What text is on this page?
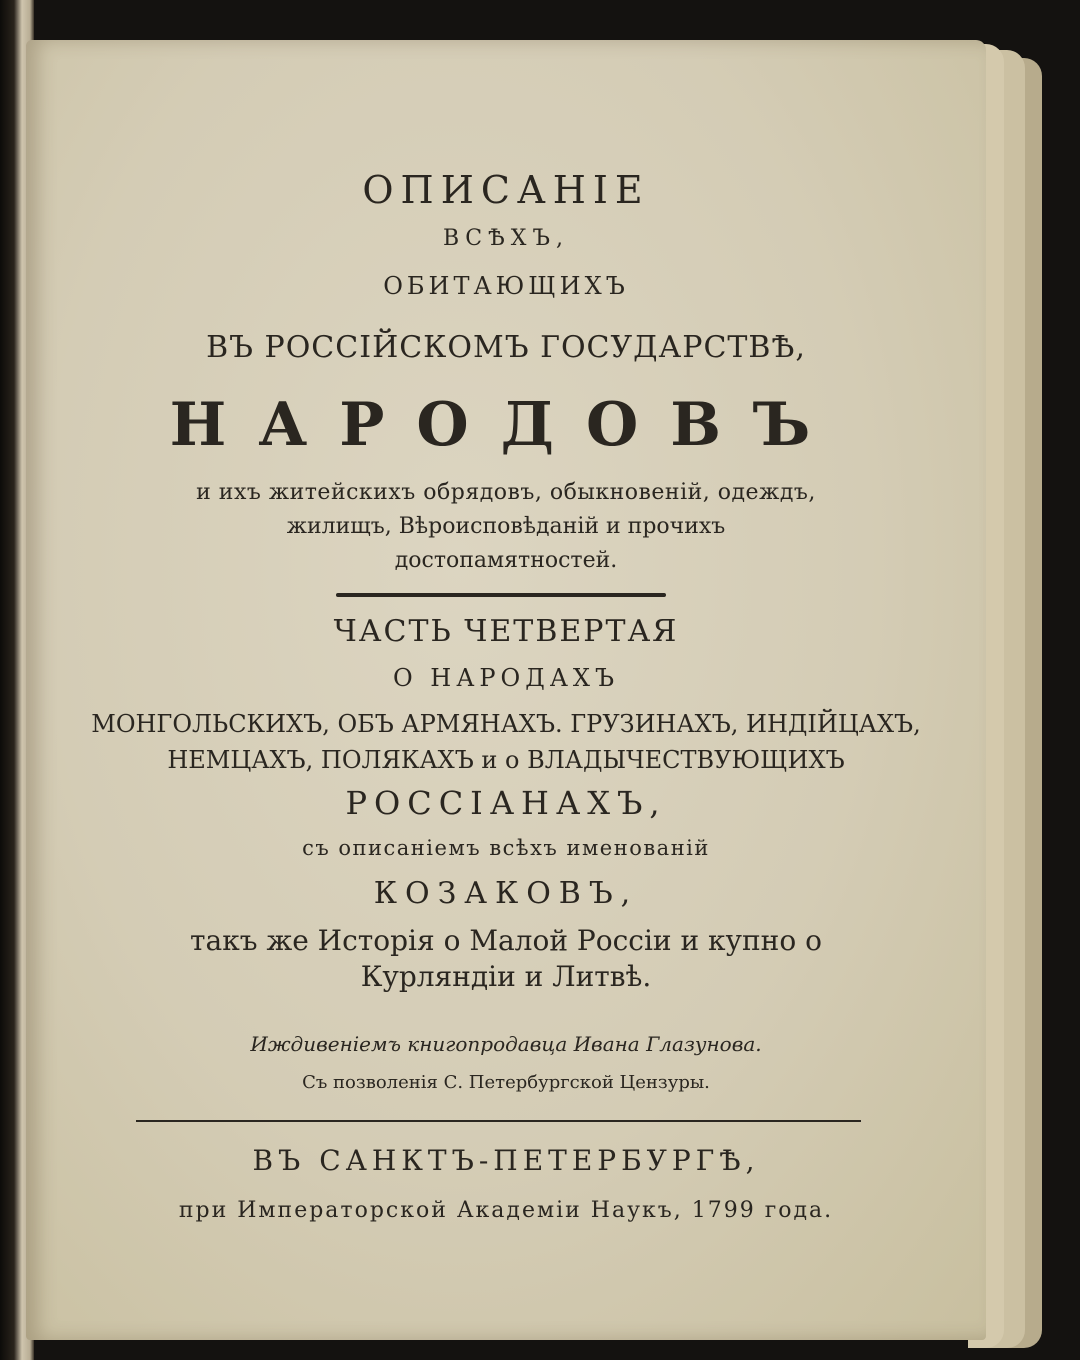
ОПИСАНІЕ
ВСѢХЪ,
ОБИТАЮЩИХЪ
ВЪ РОССІЙСКОМЪ ГОСУДАРСТВѢ,
НАРОДОВЪ
и ихъ житейскихъ обрядовъ, обыкновеній, одеждъ,
жилищъ, Вѣроисповѣданій и прочихъ
достопамятностей.
ЧАСТЬ ЧЕТВЕРТАЯ
О НАРОДАХЪ
МОНГОЛЬСКИХЪ, ОБЪ АРМЯНАХЪ. ГРУЗИНАХЪ, ИНДІЙЦАХЪ,
НЕМЦАХЪ, ПОЛЯКАХЪ и о ВЛАДЫЧЕСТВУЮЩИХЪ
РОССІАНАХЪ,
съ описаніемъ всѣхъ именованій
КОЗАКОВЪ,
такъ же Исторія о Малой Россіи и купно о
Курляндіи и Литвѣ.
Иждивеніемъ книгопродавца Ивана Глазунова.
Съ позволенія С. Петербургской Цензуры.
ВЪ САНКТЪ-ПЕТЕРБУРГѢ,
при Императорской Академіи Наукъ, 1799 года.
